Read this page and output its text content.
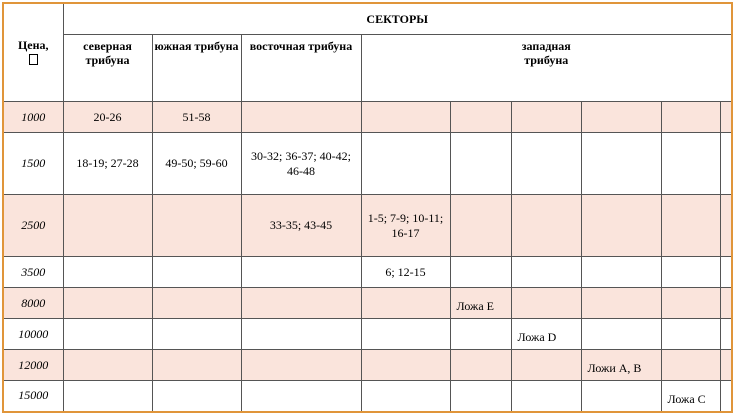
Цена,	СЕКТОРЫ								
	северная трибуна	южная трибуна	восточная трибуна	западная трибуна					

1000	20-26	51-58							
1500	18-19; 27-28	49-50; 59-60	30-32; 36-37; 40-42; 46-48						
2500			33-35; 43-45	1-5; 7-9; 10-11; 16-17					
3500				6; 12-15					
8000					Ложа E				
10000						Ложа D			
12000							Ложи А, В		
15000								Ложа С	
